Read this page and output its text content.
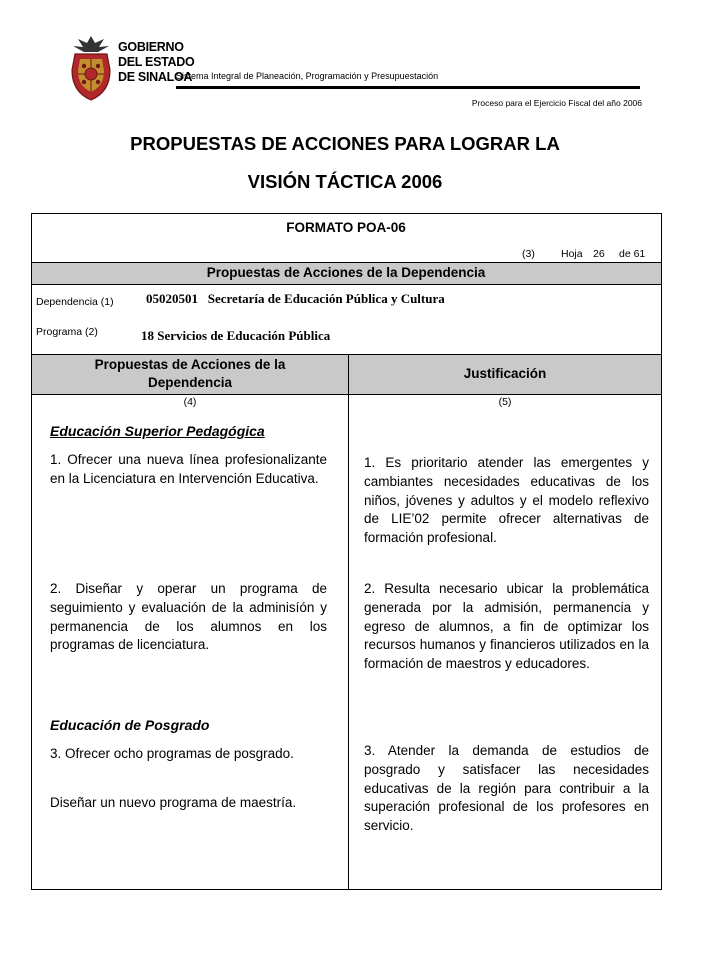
GOBIERNO
DEL ESTADO
DE SINALOA
Sistema Integral de Planeación, Programación y Presupuestación
Proceso para el Ejercicio Fiscal del año 2006
PROPUESTAS DE ACCIONES PARA LOGRAR LA
VISIÓN TÁCTICA 2006
FORMATO POA-06
(3) Hoja 26 de 61
Propuestas de Acciones de la Dependencia
Dependencia (1) 05020501   Secretaría de Educación Pública y Cultura
Programa (2)	18 Servicios de Educación Pública
Propuestas de Acciones de la Dependencia
Justificación
(4)	(5)
Educación Superior Pedagógica
1. Ofrecer una nueva línea profesionalizante en la Licenciatura en Intervención Educativa.
2. Diseñar y operar un programa de seguimiento y evaluación de la adminisíón y permanencia de los alumnos en los programas de licenciatura.
Educación de Posgrado
3. Ofrecer ocho programas de posgrado.
Diseñar un nuevo programa de maestría.
1. Es prioritario atender las emergentes y cambiantes necesidades educativas de los niños, jóvenes y adultos y el modelo reflexivo de LIE’02 permite ofrecer alternativas de formación profesional.
2. Resulta necesario ubicar la problemática generada por la admisión, permanencia y egreso de alumnos, a fin de optimizar los recursos humanos y financieros utilizados en la formación de maestros y educadores.
3. Atender la demanda de estudios de posgrado y satisfacer las necesidades educativas de la región para contribuir a la superación profesional de los profesores en servicio.
